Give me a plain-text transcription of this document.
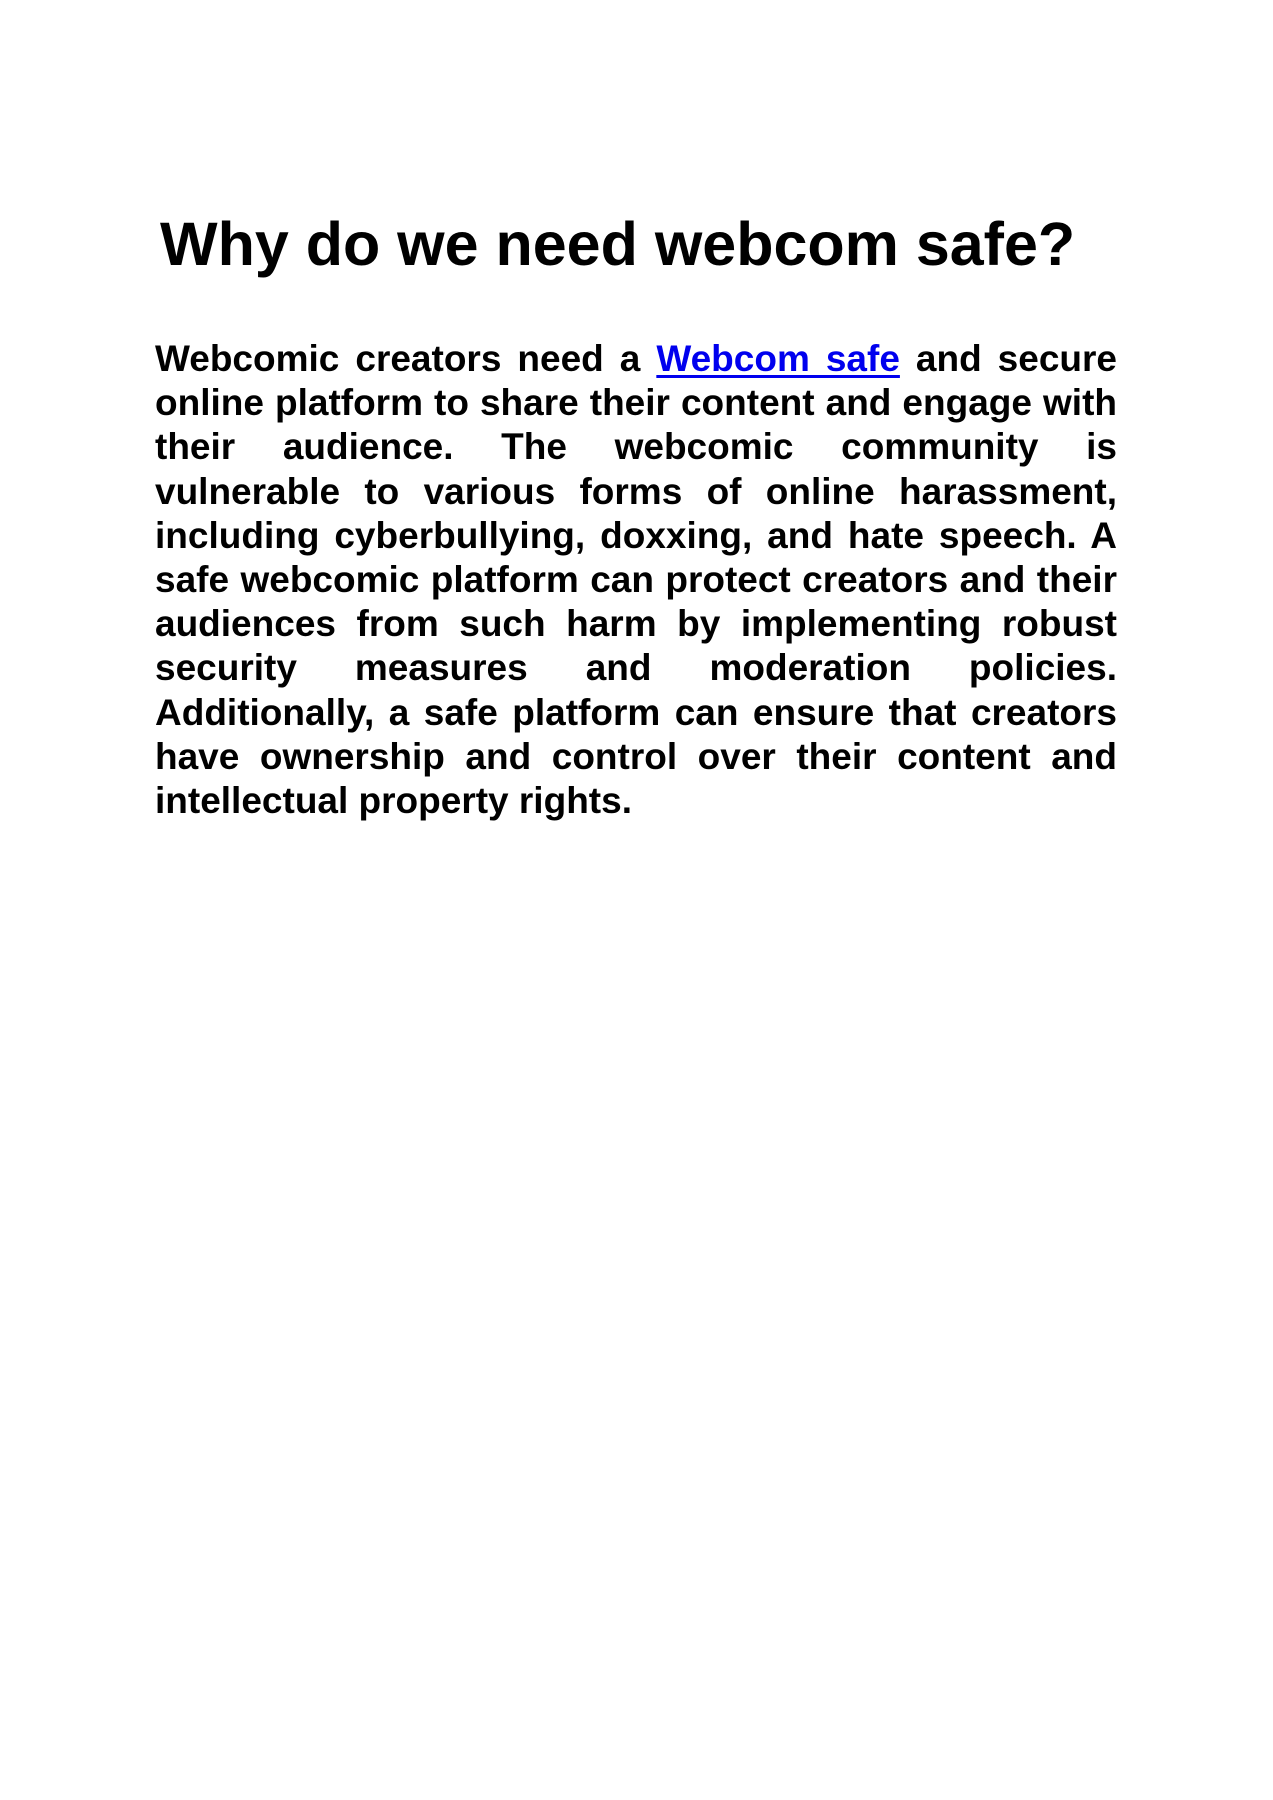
Why do we need webcom safe?

Webcomic creators need a Webcom safe and secure online platform to share their content and engage with their audience. The webcomic community is vulnerable to various forms of online harassment, including cyberbullying, doxxing, and hate speech. A safe webcomic platform can protect creators and their audiences from such harm by implementing robust security measures and moderation policies. Additionally, a safe platform can ensure that creators have ownership and control over their content and intellectual property rights.
